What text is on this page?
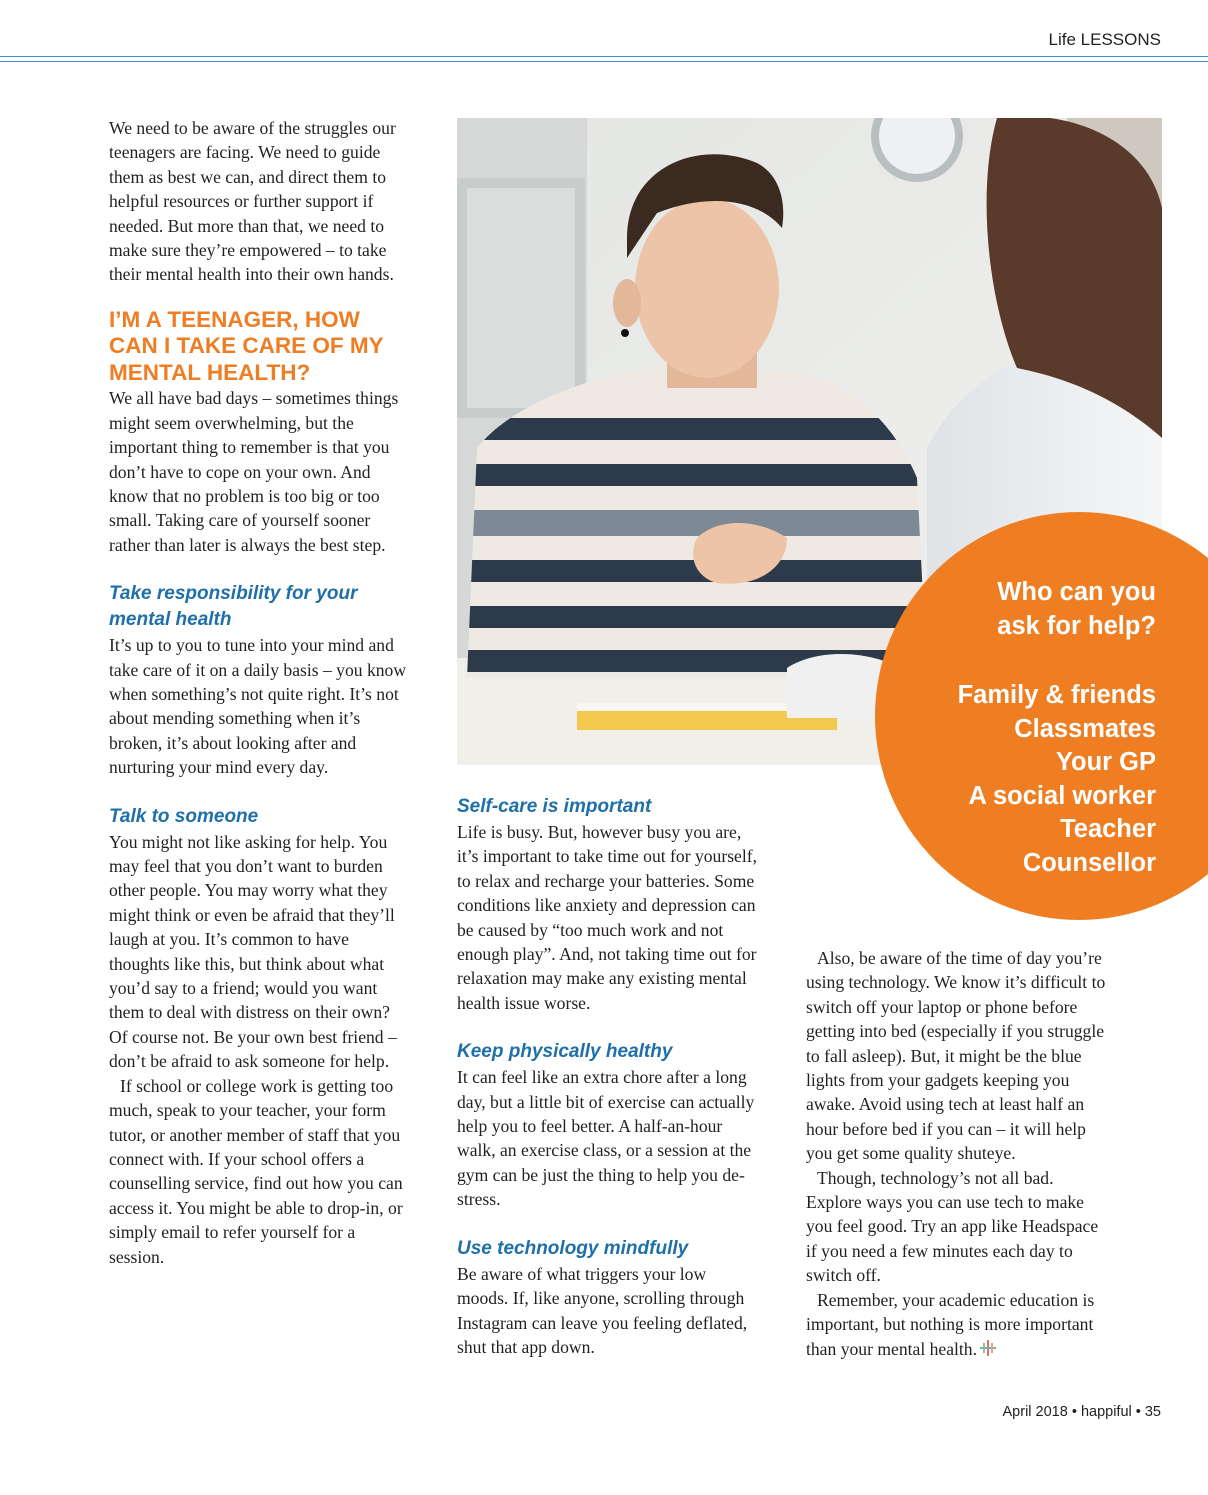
Life LESSONS

We need to be aware of the struggles our teenagers are facing. We need to guide them as best we can, and direct them to helpful resources or further support if needed. But more than that, we need to make sure they’re empowered – to take their mental health into their own hands.

I’M A TEENAGER, HOW CAN I TAKE CARE OF MY MENTAL HEALTH?

We all have bad days – sometimes things might seem overwhelming, but the important thing to remember is that you don’t have to cope on your own. And know that no problem is too big or too small. Taking care of yourself sooner rather than later is always the best step.

Take responsibility for your mental health

It’s up to you to tune into your mind and take care of it on a daily basis – you know when something’s not quite right. It’s not about mending something when it’s broken, it’s about looking after and nurturing your mind every day.

Talk to someone

You might not like asking for help. You may feel that you don’t want to burden other people. You may worry what they might think or even be afraid that they’ll laugh at you. It’s common to have thoughts like this, but think about what you’d say to a friend; would you want them to deal with distress on their own? Of course not. Be your own best friend – don’t be afraid to ask someone for help.

If school or college work is getting too much, speak to your teacher, your form tutor, or another member of staff that you connect with. If your school offers a counselling service, find out how you can access it. You might be able to drop-in, or simply email to refer yourself for a session.

Self-care is important

Life is busy. But, however busy you are, it’s important to take time out for yourself, to relax and recharge your batteries. Some conditions like anxiety and depression can be caused by “too much work and not enough play”. And, not taking time out for relaxation may make any existing mental health issue worse.

Keep physically healthy

It can feel like an extra chore after a long day, but a little bit of exercise can actually help you to feel better. A half-an-hour walk, an exercise class, or a session at the gym can be just the thing to help you de-stress.

Use technology mindfully

Be aware of what triggers your low moods. If, like anyone, scrolling through Instagram can leave you feeling deflated, shut that app down.

Also, be aware of the time of day you’re using technology. We know it’s difficult to switch off your laptop or phone before getting into bed (especially if you struggle to fall asleep). But, it might be the blue lights from your gadgets keeping you awake. Avoid using tech at least half an hour before bed if you can – it will help you get some quality shuteye.

Though, technology’s not all bad. Explore ways you can use tech to make you feel good. Try an app like Headspace if you need a few minutes each day to switch off.

Remember, your academic education is important, but nothing is more important than your mental health.

Who can you
ask for help?
Family & friends
Classmates
Your GP
A social worker
Teacher
Counsellor
April 2018 • happiful • 35
